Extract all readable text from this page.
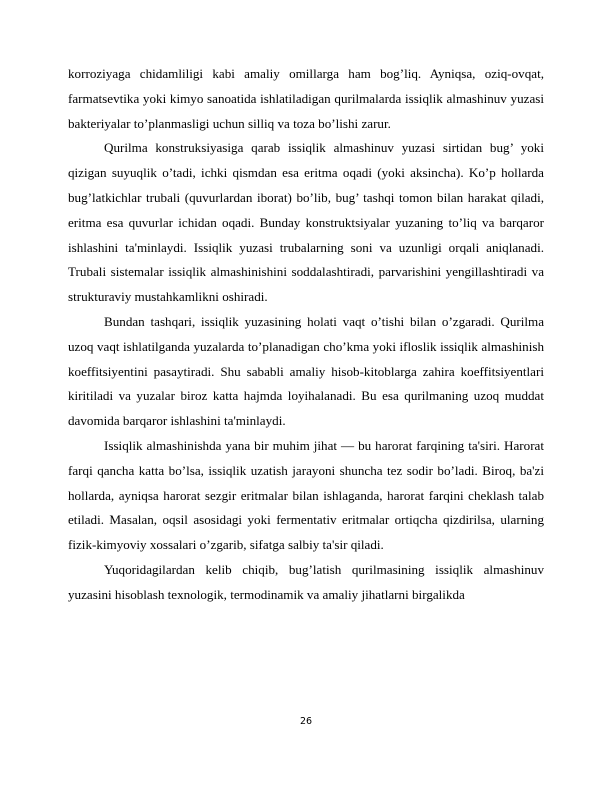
korroziyaga chidamliligi kabi amaliy omillarga ham bog’liq. Ayniqsa, oziq-ovqat, farmatsevtika yoki kimyo sanoatida ishlatiladigan qurilmalarda issiqlik almashinuv yuzasi bakteriyalar to’planmasligi uchun silliq va toza bo’lishi zarur.

Qurilma konstruksiyasiga qarab issiqlik almashinuv yuzasi sirtidan bug’ yoki qizigan suyuqlik o’tadi, ichki qismdan esa eritma oqadi (yoki aksincha). Ko’p hollarda bug’latkichlar trubali (quvurlardan iborat) bo’lib, bug’ tashqi tomon bilan harakat qiladi, eritma esa quvurlar ichidan oqadi. Bunday konstruktsiyalar yuzaning to’liq va barqaror ishlashini ta'minlaydi. Issiqlik yuzasi trubalarning soni va uzunligi orqali aniqlanadi. Trubali sistemalar issiqlik almashinishini soddalashtiradi, parvarishini yengillashtiradi va strukturaviy mustahkamlikni oshiradi.

Bundan tashqari, issiqlik yuzasining holati vaqt o’tishi bilan o’zgaradi. Qurilma uzoq vaqt ishlatilganda yuzalarda to’planadigan cho’kma yoki ifloslik issiqlik almashinish koeffitsiyentini pasaytiradi. Shu sababli amaliy hisob-kitoblarga zahira koeffitsiyentlari kiritiladi va yuzalar biroz katta hajmda loyihalanadi. Bu esa qurilmaning uzoq muddat davomida barqaror ishlashini ta'minlaydi.

Issiqlik almashinishda yana bir muhim jihat — bu harorat farqining ta'siri. Harorat farqi qancha katta bo’lsa, issiqlik uzatish jarayoni shuncha tez sodir bo’ladi. Biroq, ba'zi hollarda, ayniqsa harorat sezgir eritmalar bilan ishlaganda, harorat farqini cheklash talab etiladi. Masalan, oqsil asosidagi yoki fermentativ eritmalar ortiqcha qizdirilsa, ularning fizik-kimyoviy xossalari o’zgarib, sifatga salbiy ta'sir qiladi.

Yuqoridagilardan kelib chiqib, bug’latish qurilmasining issiqlik almashinuv yuzasini hisoblash texnologik, termodinamik va amaliy jihatlarni birgalikda

26
